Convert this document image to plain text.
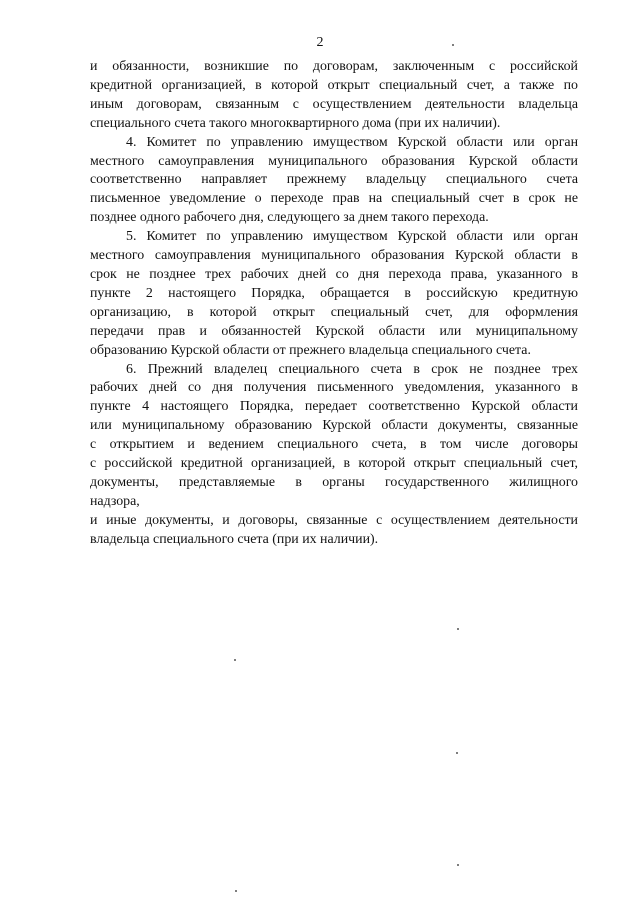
2

и обязанности, возникшие по договорам, заключенным с российской
кредитной организацией, в которой открыт специальный счет, а также по
иным договорам, связанным с осуществлением деятельности владельца
специального счета такого многоквартирного дома (при их наличии).

4. Комитет по управлению имуществом Курской области или орган
местного самоуправления муниципального образования Курской области
соответственно направляет прежнему владельцу специального счета
письменное уведомление о переходе прав на специальный счет в срок не
позднее одного рабочего дня, следующего за днем такого перехода.

5. Комитет по управлению имуществом Курской области или орган
местного самоуправления муниципального образования Курской области в
срок не позднее трех рабочих дней со дня перехода права, указанного в
пункте 2 настоящего Порядка, обращается в российскую кредитную
организацию, в которой открыт специальный счет, для оформления
передачи прав и обязанностей Курской области или муниципальному
образованию Курской области от прежнего владельца специального счета.

6. Прежний владелец специального счета в срок не позднее трех
рабочих дней со дня получения письменного уведомления, указанного в
пункте 4 настоящего Порядка, передает соответственно Курской области
или муниципальному образованию Курской области документы, связанные
с открытием и ведением специального счета, в том числе договоры
с российской кредитной организацией, в которой открыт специальный счет,
документы, представляемые в органы государственного жилищного
надзора,

и иные документы, и договоры, связанные с осуществлением деятельности
владельца специального счета (при их наличии).
